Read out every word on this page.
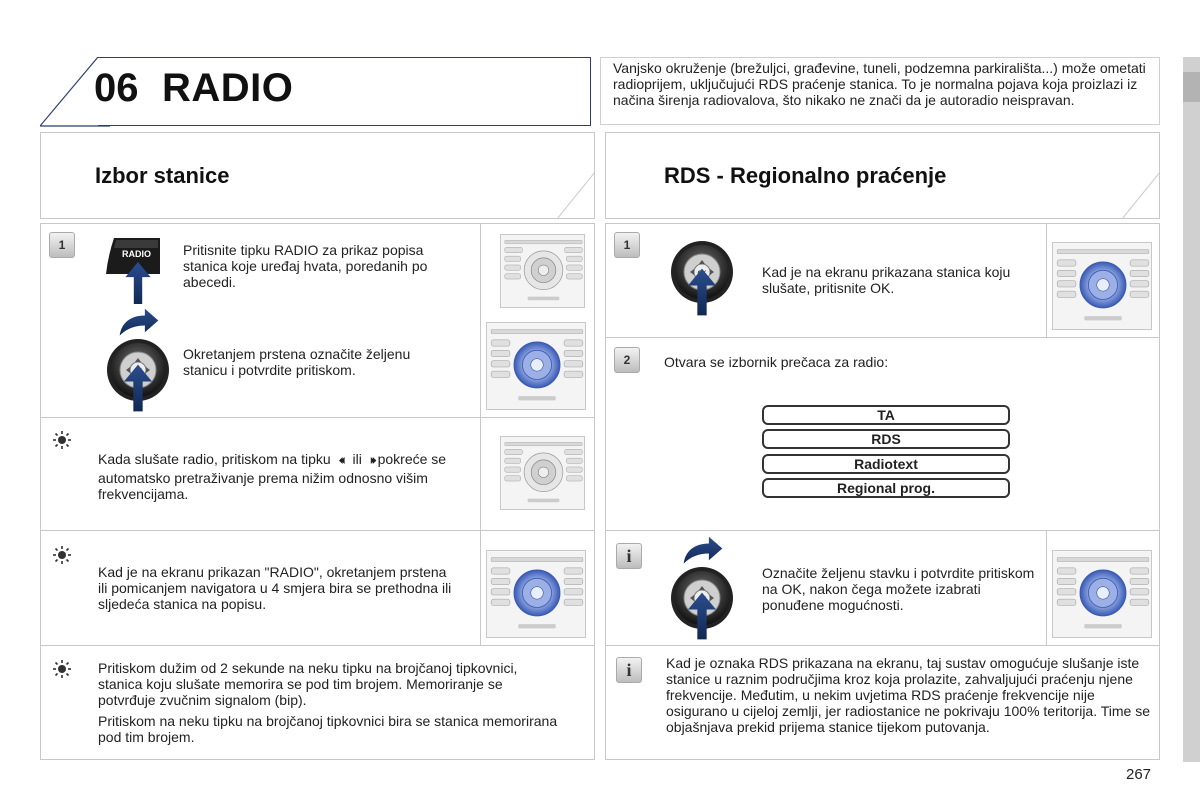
06 RADIO	Vanjsko okruženje (brežuljci, građevine, tuneli, podzemna parkirališta...) može ometati radioprijem, uključujući RDS praćenje stanica. To je normalna pojava koja proizlazi iz načina širenja radiovalova, što nikako ne znači da je autoradio neispravan.
Izbor stanice	RDS - Regionalno praćenje
1
RADIO Pritisnite tipku RADIO za prikaz popisa stanica koje uređaj hvata, poredanih po abecedi.
Okretanjem prstena označite željenu stanicu i potvrdite pritiskom.
Kada slušate radio, pritiskom na tipku ⏴⏴ ili ⏵⏵ pokreće se automatsko pretraživanje prema nižim odnosno višim frekvencijama.
Kad je na ekranu prikazan "RADIO", okretanjem prstena ili pomicanjem navigatora u 4 smjera bira se prethodna ili sljedeća stanica na popisu.
Pritiskom dužim od 2 sekunde na neku tipku na brojčanoj tipkovnici, stanica koju slušate memorira se pod tim brojem. Memoriranje se potvrđuje zvučnim signalom (bip).
Pritiskom na neku tipku na brojčanoj tipkovnici bira se stanica memorirana pod tim brojem.
1
Kad je na ekranu prikazana stanica koju slušate, pritisnite OK.
2	Otvara se izbornik prečaca za radio:
TA
RDS
Radiotext
Regional prog.
i
Označite željenu stavku i potvrdite pritiskom na OK, nakon čega možete izabrati ponuđene mogućnosti.
i	Kad je oznaka RDS prikazana na ekranu, taj sustav omogućuje slušanje iste stanice u raznim područjima kroz koja prolazite, zahvaljujući praćenju njene frekvencije. Međutim, u nekim uvjetima RDS praćenje frekvencije nije osigurano u cijeloj zemlji, jer radiostanice ne pokrivaju 100% teritorija. Time se objašnjava prekid prijema stanice tijekom putovanja.
267
